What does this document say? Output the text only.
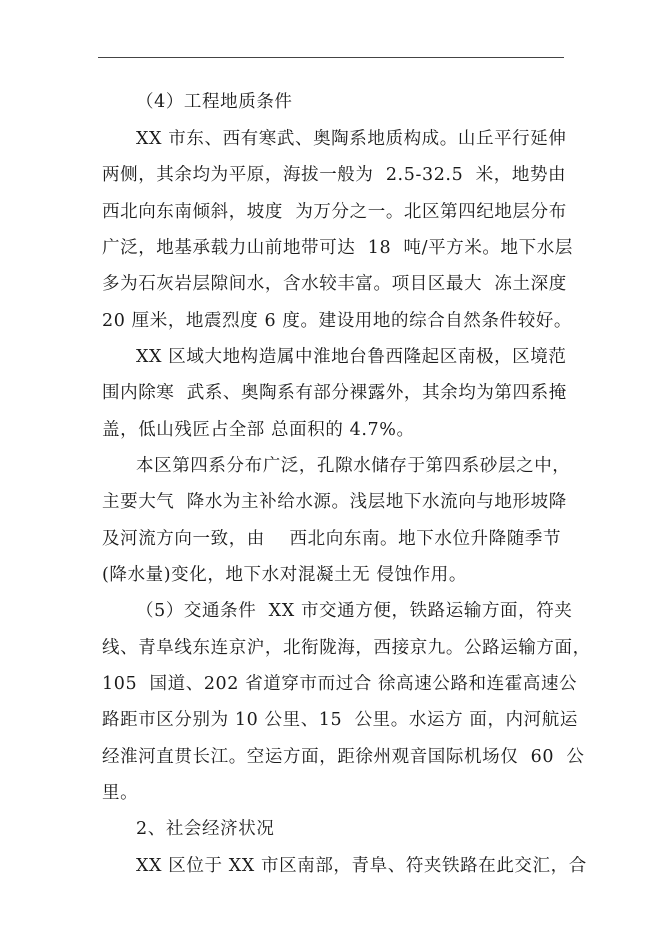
（4）工程地质条件
XX 市东、西有寒武、奥陶系地质构成。山丘平行延伸
两侧，其余均为平原，海拔一般为  2.5-32.5  米，地势由
西北向东南倾斜，坡度  为万分之一。北区第四纪地层分布
广泛，地基承载力山前地带可达  18  吨/平方米。地下水层
多为石灰岩层隙间水，含水较丰富。项目区最大  冻土深度
20 厘米，地震烈度 6 度。建设用地的综合自然条件较好。
XX 区域大地构造属中淮地台鲁西隆起区南极，区境范
围内除寒  武系、奥陶系有部分裸露外，其余均为第四系掩
盖，低山残匠占全部 总面积的 4.7%。
本区第四系分布广泛，孔隙水储存于第四系砂层之中，
主要大气  降水为主补给水源。浅层地下水流向与地形坡降
及河流方向一致，由    西北向东南。地下水位升降随季节
(降水量)变化，地下水对混凝土无 侵蚀作用。
（5）交通条件  XX 市交通方便，铁路运输方面，符夹
线、青阜线东连京沪，北衔陇海，西接京九。公路运输方面，
105  国道、202 省道穿市而过合 徐高速公路和连霍高速公
路距市区分别为 10 公里、15  公里。水运方 面，内河航运
经淮河直贯长江。空运方面，距徐州观音国际机场仅  60  公
里。
2、社会经济状况
XX 区位于 XX 市区南部，青阜、符夹铁路在此交汇，合
